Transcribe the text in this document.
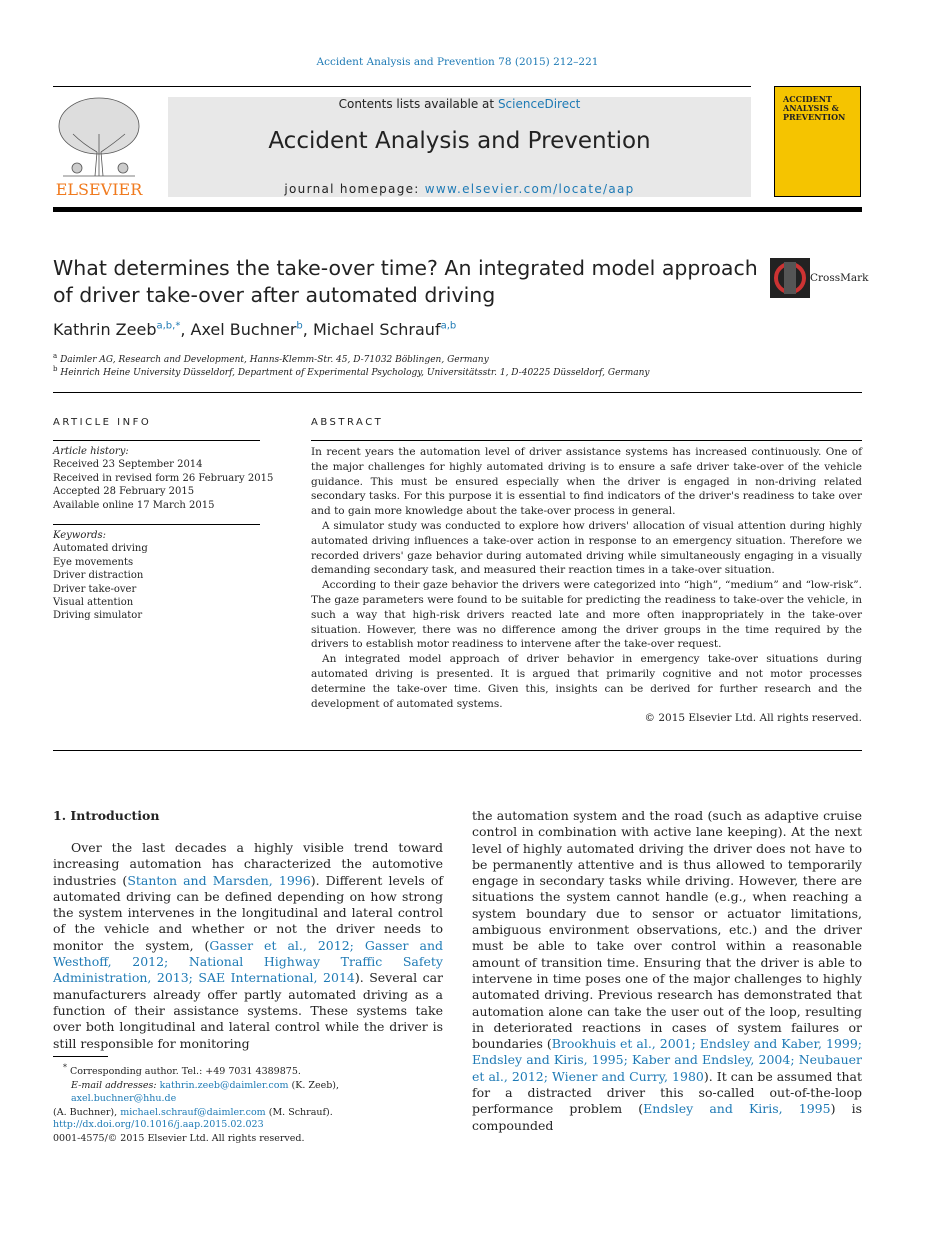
Accident Analysis and Prevention 78 (2015) 212–221
ELSEVIER
Contents lists available at ScienceDirect
Accident Analysis and Prevention
journal homepage: www.elsevier.com/locate/aap
ACCIDENT ANALYSIS & PREVENTION
What determines the take-over time? An integrated model approach of driver take-over after automated driving
CrossMark
Kathrin Zeeb$^{a,b,*}$, Axel Buchner$^b$, Michael Schrauf$^{a,b}$
$^a$ Daimler AG, Research and Development, Hanns-Klemm-Str. 45, D-71032 Böblingen, Germany
$^b$ Heinrich Heine University Düsseldorf, Department of Experimental Psychology, Universitätsstr. 1, D-40225 Düsseldorf, Germany
ARTICLE INFO
Article history:
Received 23 September 2014
Received in revised form 26 February 2015
Accepted 28 February 2015
Available online 17 March 2015
Keywords:
Automated driving
Eye movements
Driver distraction
Driver take-over
Visual attention
Driving simulator
ABSTRACT

In recent years the automation level of driver assistance systems has increased continuously. One of the major challenges for highly automated driving is to ensure a safe driver take-over of the vehicle guidance. This must be ensured especially when the driver is engaged in non-driving related secondary tasks. For this purpose it is essential to find indicators of the driver's readiness to take over and to gain more knowledge about the take-over process in general.

A simulator study was conducted to explore how drivers' allocation of visual attention during highly automated driving influences a take-over action in response to an emergency situation. Therefore we recorded drivers' gaze behavior during automated driving while simultaneously engaging in a visually demanding secondary task, and measured their reaction times in a take-over situation.

According to their gaze behavior the drivers were categorized into “high”, “medium” and “low-risk”. The gaze parameters were found to be suitable for predicting the readiness to take-over the vehicle, in such a way that high-risk drivers reacted late and more often inappropriately in the take-over situation. However, there was no difference among the driver groups in the time required by the drivers to establish motor readiness to intervene after the take-over request.

An integrated model approach of driver behavior in emergency take-over situations during automated driving is presented. It is argued that primarily cognitive and not motor processes determine the take-over time. Given this, insights can be derived for further research and the development of automated systems.

© 2015 Elsevier Ltd. All rights reserved.
1. Introduction

Over the last decades a highly visible trend toward increasing automation has characterized the automotive industries (Stanton and Marsden, 1996). Different levels of automated driving can be defined depending on how strong the system intervenes in the longitudinal and lateral control of the vehicle and whether or not the driver needs to monitor the system, (Gasser et al., 2012; Gasser and Westhoff, 2012; National Highway Traffic Safety Administration, 2013; SAE International, 2014). Several car manufacturers already offer partly automated driving as a function of their assistance systems. These systems take over both longitudinal and lateral control while the driver is still responsible for monitoring

the automation system and the road (such as adaptive cruise control in combination with active lane keeping). At the next level of highly automated driving the driver does not have to be permanently attentive and is thus allowed to temporarily engage in secondary tasks while driving. However, there are situations the system cannot handle (e.g., when reaching a system boundary due to sensor or actuator limitations, ambiguous environment observations, etc.) and the driver must be able to take over control within a reasonable amount of transition time. Ensuring that the driver is able to intervene in time poses one of the major challenges to highly automated driving. Previous research has demonstrated that automation alone can take the user out of the loop, resulting in deteriorated reactions in cases of system failures or boundaries (Brookhuis et al., 2001; Endsley and Kaber, 1999; Endsley and Kiris, 1995; Kaber and Endsley, 2004; Neubauer et al., 2012; Wiener and Curry, 1980). It can be assumed that for a distracted driver this so-called out-of-the-loop performance problem (Endsley and Kiris, 1995) is compounded

* Corresponding author. Tel.: +49 7031 4389875.
E-mail addresses: kathrin.zeeb@daimler.com (K. Zeeb), axel.buchner@hhu.de
(A. Buchner), michael.schrauf@daimler.com (M. Schrauf).
http://dx.doi.org/10.1016/j.aap.2015.02.023
0001-4575/© 2015 Elsevier Ltd. All rights reserved.
